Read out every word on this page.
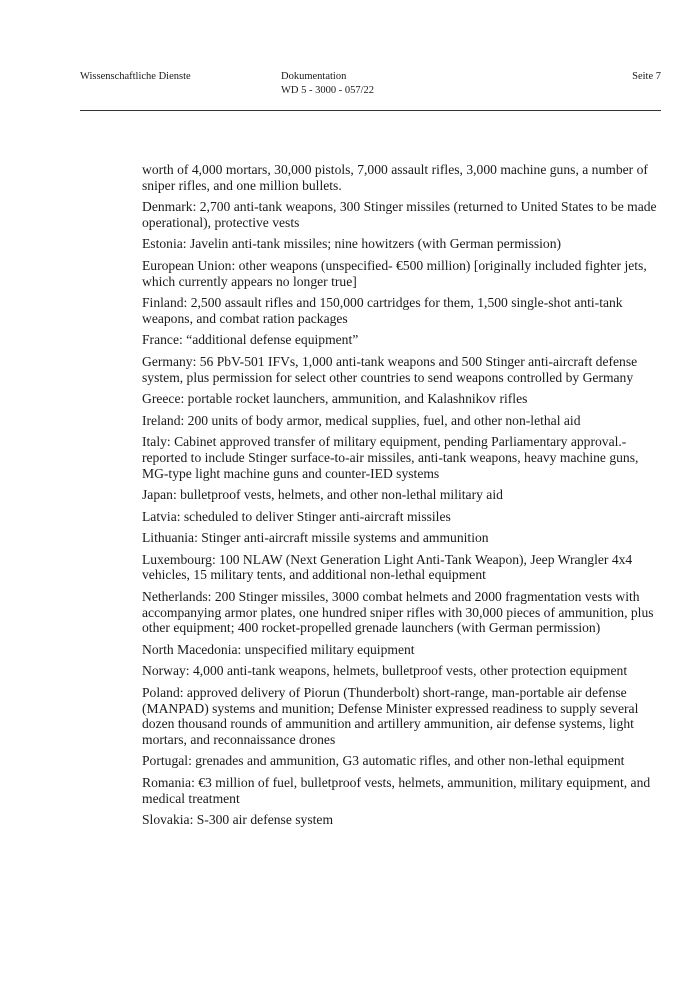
Wissenschaftliche Dienste	Dokumentation
WD 5 - 3000 - 057/22
Seite 7

worth of 4,000 mortars, 30,000 pistols, 7,000 assault rifles, 3,000 machine guns, a number of sniper rifles, and one million bullets.

Denmark: 2,700 anti-tank weapons, 300 Stinger missiles (returned to United States to be made operational), protective vests

Estonia: Javelin anti-tank missiles; nine howitzers (with German permission)

European Union: other weapons (unspecified- €500 million) [originally included fighter jets, which currently appears no longer true]

Finland: 2,500 assault rifles and 150,000 cartridges for them, 1,500 single-shot anti-tank weapons, and combat ration packages

France: “additional defense equipment”

Germany: 56 PbV-501 IFVs, 1,000 anti-tank weapons and 500 Stinger anti-aircraft defense system, plus permission for select other countries to send weapons controlled by Germany

Greece: portable rocket launchers, ammunition, and Kalashnikov rifles

Ireland: 200 units of body armor, medical supplies, fuel, and other non-lethal aid

Italy: Cabinet approved transfer of military equipment, pending Parliamentary approval.- reported to include Stinger surface-to-air missiles, anti-tank weapons, heavy machine guns, MG-type light machine guns and counter-IED systems

Japan: bulletproof vests, helmets, and other non-lethal military aid

Latvia: scheduled to deliver Stinger anti-aircraft missiles

Lithuania: Stinger anti-aircraft missile systems and ammunition

Luxembourg: 100 NLAW (Next Generation Light Anti-Tank Weapon), Jeep Wrangler 4x4 vehicles, 15 military tents, and additional non-lethal equipment

Netherlands: 200 Stinger missiles, 3000 combat helmets and 2000 fragmentation vests with accompanying armor plates, one hundred sniper rifles with 30,000 pieces of ammunition, plus other equipment; 400 rocket-propelled grenade launchers (with German permission)

North Macedonia: unspecified military equipment

Norway: 4,000 anti-tank weapons, helmets, bulletproof vests, other protection equipment

Poland: approved delivery of Piorun (Thunderbolt) short-range, man-portable air defense (MANPAD) systems and munition; Defense Minister expressed readiness to supply several dozen thousand rounds of ammunition and artillery ammunition, air defense systems, light mortars, and reconnaissance drones

Portugal: grenades and ammunition, G3 automatic rifles, and other non-lethal equipment

Romania: €3 million of fuel, bulletproof vests, helmets, ammunition, military equipment, and medical treatment

Slovakia: S-300 air defense system
